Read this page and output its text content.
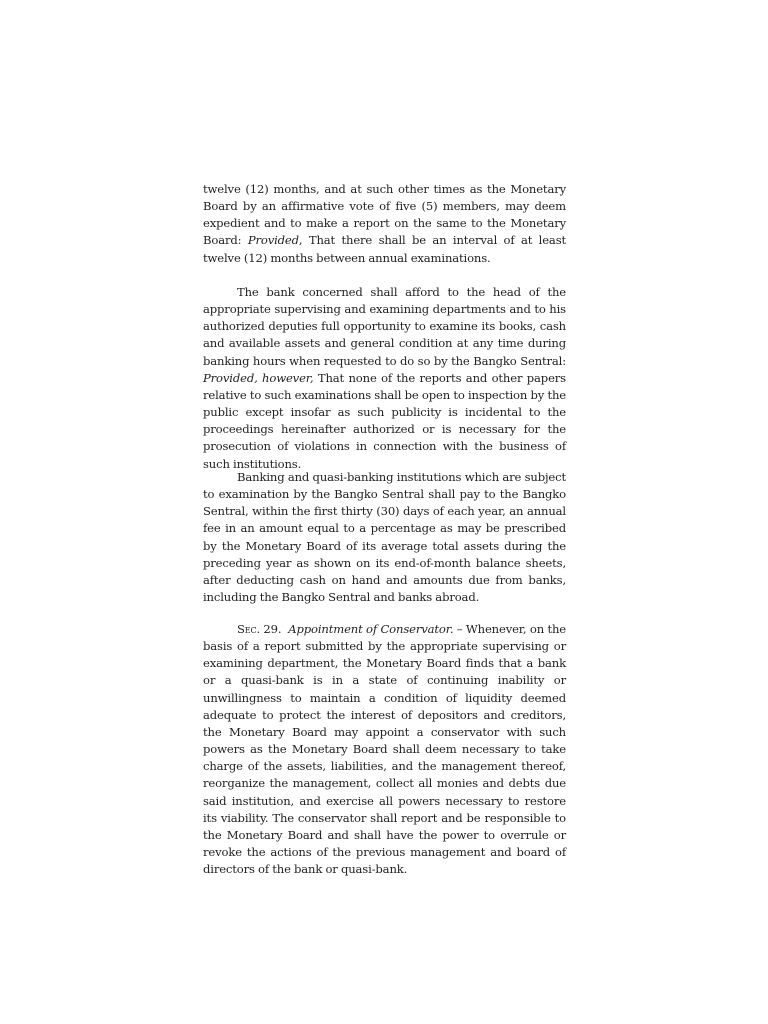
twelve (12) months, and at such other times as the Monetary Board by an affirmative vote of five (5) members, may deem expedient and to make a report on the same to the Monetary Board: Provided, That there shall be an interval of at least twelve (12) months between annual examinations.

The bank concerned shall afford to the head of the appropriate supervising and examining departments and to his authorized deputies full opportunity to examine its books, cash and available assets and general condition at any time during banking hours when requested to do so by the Bangko Sentral: Provided, however, That none of the reports and other papers relative to such examinations shall be open to inspection by the public except insofar as such publicity is incidental to the proceedings hereinafter authorized or is necessary for the prosecution of violations in connection with the business of such institutions.

Banking and quasi-banking institutions which are subject to examination by the Bangko Sentral shall pay to the Bangko Sentral, within the first thirty (30) days of each year, an annual fee in an amount equal to a percentage as may be prescribed by the Monetary Board of its average total assets during the preceding year as shown on its end-of-month balance sheets, after deducting cash on hand and amounts due from banks, including the Bangko Sentral and banks abroad.

Sec. 29. Appointment of Conservator. – Whenever, on the basis of a report submitted by the appropriate supervising or examining department, the Monetary Board finds that a bank or a quasi-bank is in a state of continuing inability or unwillingness to maintain a condition of liquidity deemed adequate to protect the interest of depositors and creditors, the Monetary Board may appoint a conservator with such powers as the Monetary Board shall deem necessary to take charge of the assets, liabilities, and the management thereof, reorganize the management, collect all monies and debts due said institution, and exercise all powers necessary to restore its viability. The conservator shall report and be responsible to the Monetary Board and shall have the power to overrule or revoke the actions of the previous management and board of directors of the bank or quasi-bank.
